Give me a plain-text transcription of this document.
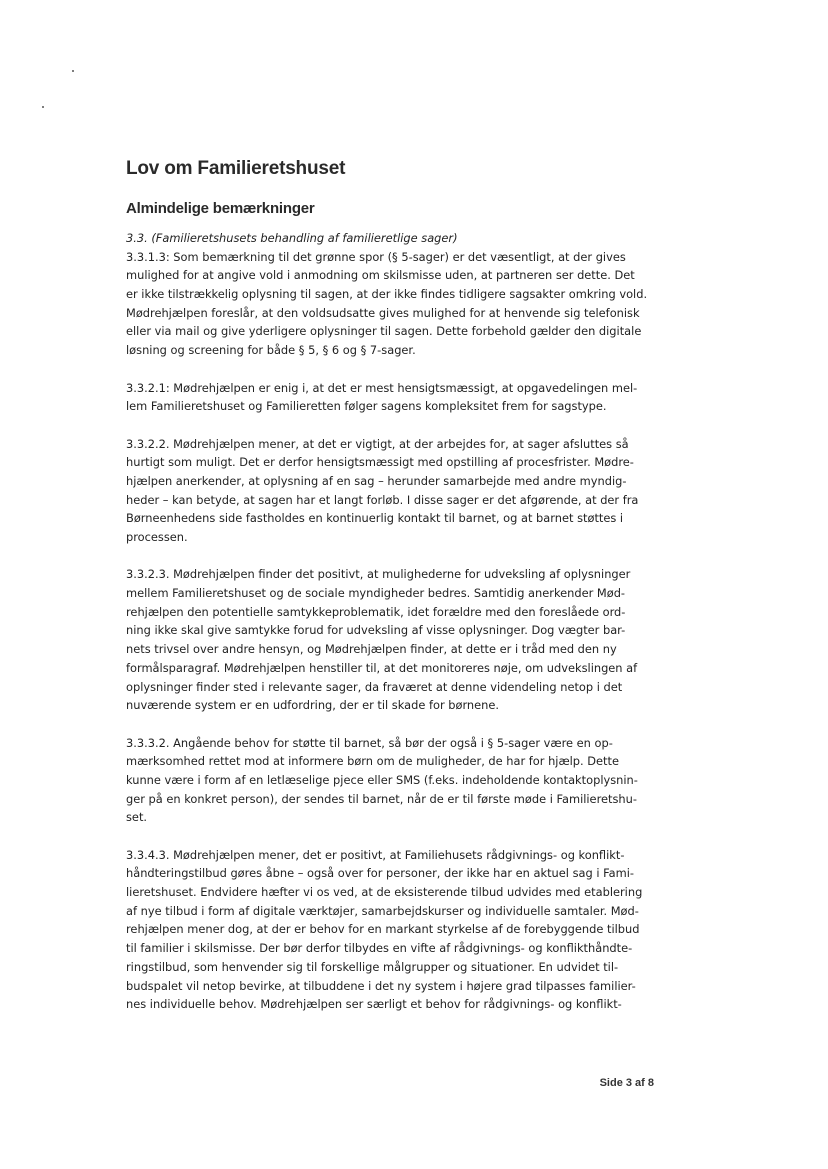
Lov om Familieretshuset
Almindelige bemærkninger
3.3. (Familieretshusets behandling af familieretlige sager)
3.3.1.3: Som bemærkning til det grønne spor (§ 5-sager) er det væsentligt, at der gives
mulighed for at angive vold i anmodning om skilsmisse uden, at partneren ser dette. Det
er ikke tilstrækkelig oplysning til sagen, at der ikke findes tidligere sagsakter omkring vold.
Mødrehjælpen foreslår, at den voldsudsatte gives mulighed for at henvende sig telefonisk
eller via mail og give yderligere oplysninger til sagen. Dette forbehold gælder den digitale
løsning og screening for både § 5, § 6 og § 7-sager.
3.3.2.1: Mødrehjælpen er enig i, at det er mest hensigtsmæssigt, at opgavedelingen mel-
lem Familieretshuset og Familieretten følger sagens kompleksitet frem for sagstype.
3.3.2.2. Mødrehjælpen mener, at det er vigtigt, at der arbejdes for, at sager afsluttes så
hurtigt som muligt. Det er derfor hensigtsmæssigt med opstilling af procesfrister. Mødre-
hjælpen anerkender, at oplysning af en sag – herunder samarbejde med andre myndig-
heder – kan betyde, at sagen har et langt forløb. I disse sager er det afgørende, at der fra
Børneenhedens side fastholdes en kontinuerlig kontakt til barnet, og at barnet støttes i
processen.
3.3.2.3. Mødrehjælpen finder det positivt, at mulighederne for udveksling af oplysninger
mellem Familieretshuset og de sociale myndigheder bedres. Samtidig anerkender Mød-
rehjælpen den potentielle samtykkeproblematik, idet forældre med den foreslåede ord-
ning ikke skal give samtykke forud for udveksling af visse oplysninger. Dog vægter bar-
nets trivsel over andre hensyn, og Mødrehjælpen finder, at dette er i tråd med den ny
formålsparagraf. Mødrehjælpen henstiller til, at det monitoreres nøje, om udvekslingen af
oplysninger finder sted i relevante sager, da fraværet at denne videndeling netop i det
nuværende system er en udfordring, der er til skade for børnene.
3.3.3.2. Angående behov for støtte til barnet, så bør der også i § 5-sager være en op-
mærksomhed rettet mod at informere børn om de muligheder, de har for hjælp. Dette
kunne være i form af en letlæselige pjece eller SMS (f.eks. indeholdende kontaktoplysnin-
ger på en konkret person), der sendes til barnet, når de er til første møde i Familieretshu-
set.
3.3.4.3. Mødrehjælpen mener, det er positivt, at Familiehusets rådgivnings- og konflikt-
håndteringstilbud gøres åbne – også over for personer, der ikke har en aktuel sag i Fami-
lieretshuset. Endvidere hæfter vi os ved, at de eksisterende tilbud udvides med etablering
af nye tilbud i form af digitale værktøjer, samarbejdskurser og individuelle samtaler. Mød-
rehjælpen mener dog, at der er behov for en markant styrkelse af de forebyggende tilbud
til familier i skilsmisse. Der bør derfor tilbydes en vifte af rådgivnings- og konflikthåndte-
ringstilbud, som henvender sig til forskellige målgrupper og situationer. En udvidet til-
budspalet vil netop bevirke, at tilbuddene i det ny system i højere grad tilpasses familier-
nes individuelle behov. Mødrehjælpen ser særligt et behov for rådgivnings- og konflikt-
Side 3 af 8
